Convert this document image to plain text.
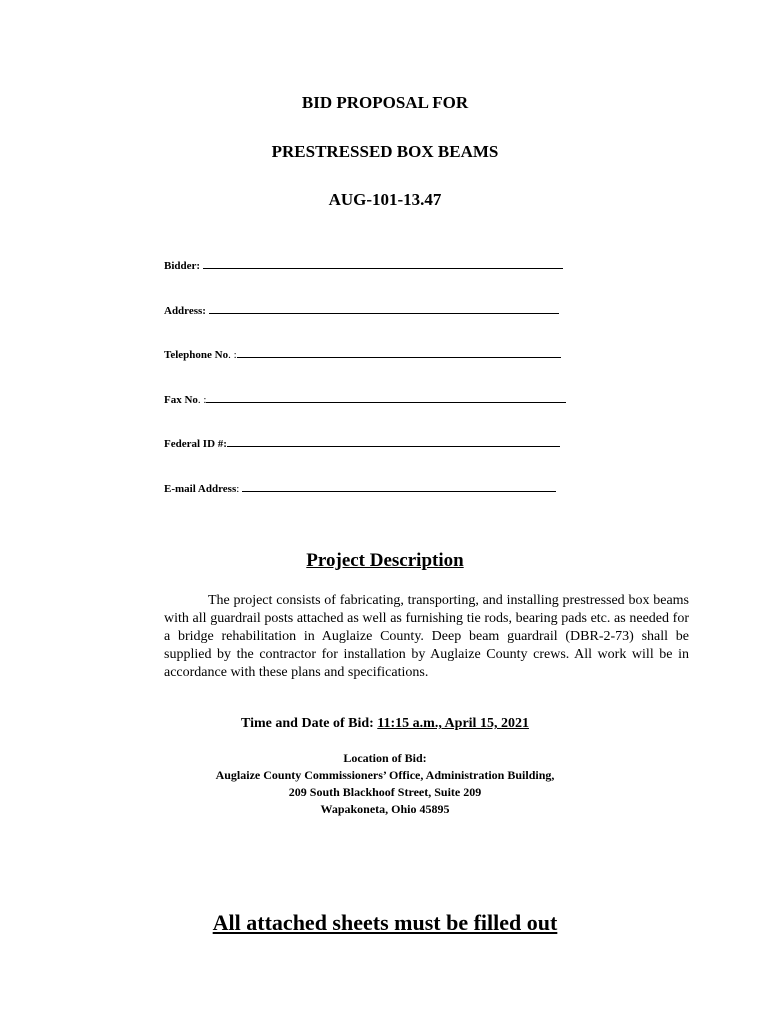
BID PROPOSAL FOR
PRESTRESSED BOX BEAMS
AUG-101-13.47
Bidder:
Address:
Telephone No. :
Fax No. :
Federal ID #:
E-mail Address:
Project Description
The project consists of fabricating, transporting, and installing prestressed box beams with all guardrail posts attached as well as furnishing tie rods, bearing pads etc. as needed for a bridge rehabilitation in Auglaize County. Deep beam guardrail (DBR-2-73) shall be supplied by the contractor for installation by Auglaize County crews. All work will be in accordance with these plans and specifications.
Time and Date of Bid: 11:15 a.m., April 15, 2021
Location of Bid:
Auglaize County Commissioners’ Office, Administration Building,
209 South Blackhoof Street, Suite 209
Wapakoneta, Ohio 45895
All attached sheets must be filled out
